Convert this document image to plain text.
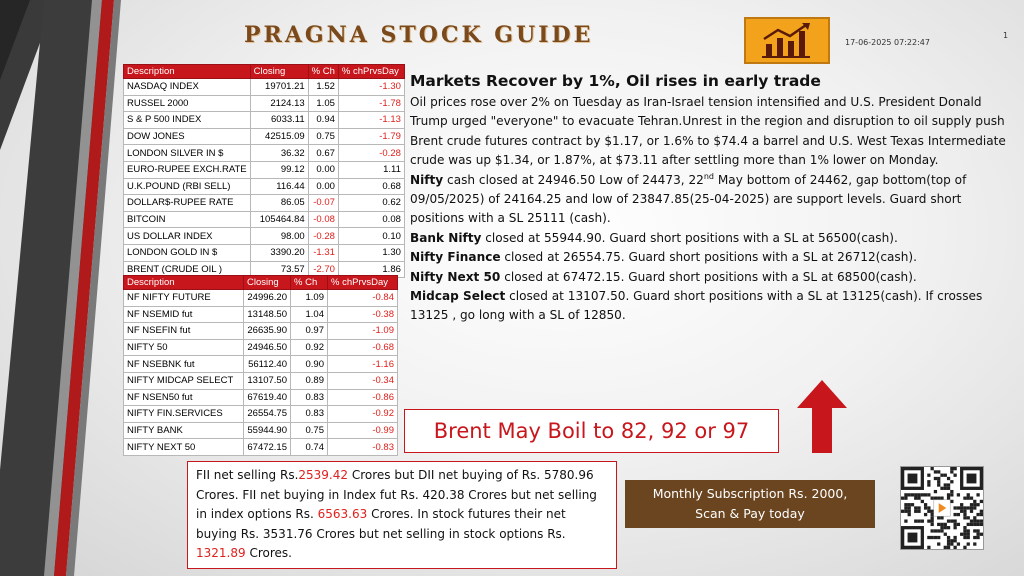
PRAGNA STOCK GUIDE	17-06-2025 07:22:47
1
Description	Closing	% Ch	% chPrvsDay
NASDAQ INDEX	19701.21	1.52	-1.30
RUSSEL 2000	2124.13	1.05	-1.78
S & P 500 INDEX	6033.11	0.94	-1.13
DOW JONES	42515.09	0.75	-1.79
LONDON SILVER IN $	36.32	0.67	-0.28
EURO-RUPEE EXCH.RATE	99.12	0.00	1.11
U.K.POUND (RBI SELL)	116.44	0.00	0.68
DOLLAR$-RUPEE RATE	86.05	-0.07	0.62
BITCOIN	105464.84	-0.08	0.08
US DOLLAR INDEX	98.00	-0.28	0.10
LONDON GOLD IN $	3390.20	-1.31	1.30
BRENT (CRUDE OIL )	73.57	-2.70	1.86
Description	Closing	% Ch	% chPrvsDay
NF NIFTY FUTURE	24996.20	1.09	-0.84
NF NSEMID fut	13148.50	1.04	-0.38
NF NSEFIN fut	26635.90	0.97	-1.09
NIFTY 50	24946.50	0.92	-0.68
NF NSEBNK fut	56112.40	0.90	-1.16
NIFTY MIDCAP SELECT	13107.50	0.89	-0.34
NF NSEN50 fut	67619.40	0.83	-0.86
NIFTY FIN.SERVICES	26554.75	0.83	-0.92
NIFTY BANK	55944.90	0.75	-0.99
NIFTY NEXT 50	67472.15	0.74	-0.83
Markets Recover by 1%, Oil rises in early trade

Oil prices rose over 2% on Tuesday as Iran-Israel tension intensified and U.S. President Donald Trump urged "everyone" to evacuate Tehran.Unrest in the region and disruption to oil supply push Brent crude futures contract by $1.17, or 1.6% to $74.4 a barrel and U.S. West Texas Intermediate crude was up $1.34, or 1.87%, at $73.11 after settling more than 1% lower on Monday.

Nifty cash closed at 24946.50 Low of 24473, 22nd May bottom of 24462, gap bottom(top of 09/05/2025) of 24164.25 and low of 23847.85(25-04-2025) are support levels. Guard short positions with a SL 25111 (cash).

Bank Nifty closed at 55944.90. Guard short positions with a SL at 56500(cash).

Nifty Finance closed at 26554.75. Guard short positions with a SL at 26712(cash).

Nifty Next 50 closed at 67472.15. Guard short positions with a SL at 68500(cash).

Midcap Select closed at 13107.50. Guard short positions with a SL at 13125(cash). If crosses 13125 , go long with a SL of 12850.

Brent May Boil to 82, 92 or 97
FII net selling Rs.2539.42 Crores but DII net buying of Rs. 5780.96 Crores. FII net buying in Index fut Rs. 420.38 Crores but net selling in index options Rs. 6563.63 Crores. In stock futures their net buying Rs. 3531.76 Crores but net selling in stock options Rs. 1321.89 Crores.
Monthly Subscription Rs. 2000,
Scan & Pay today
